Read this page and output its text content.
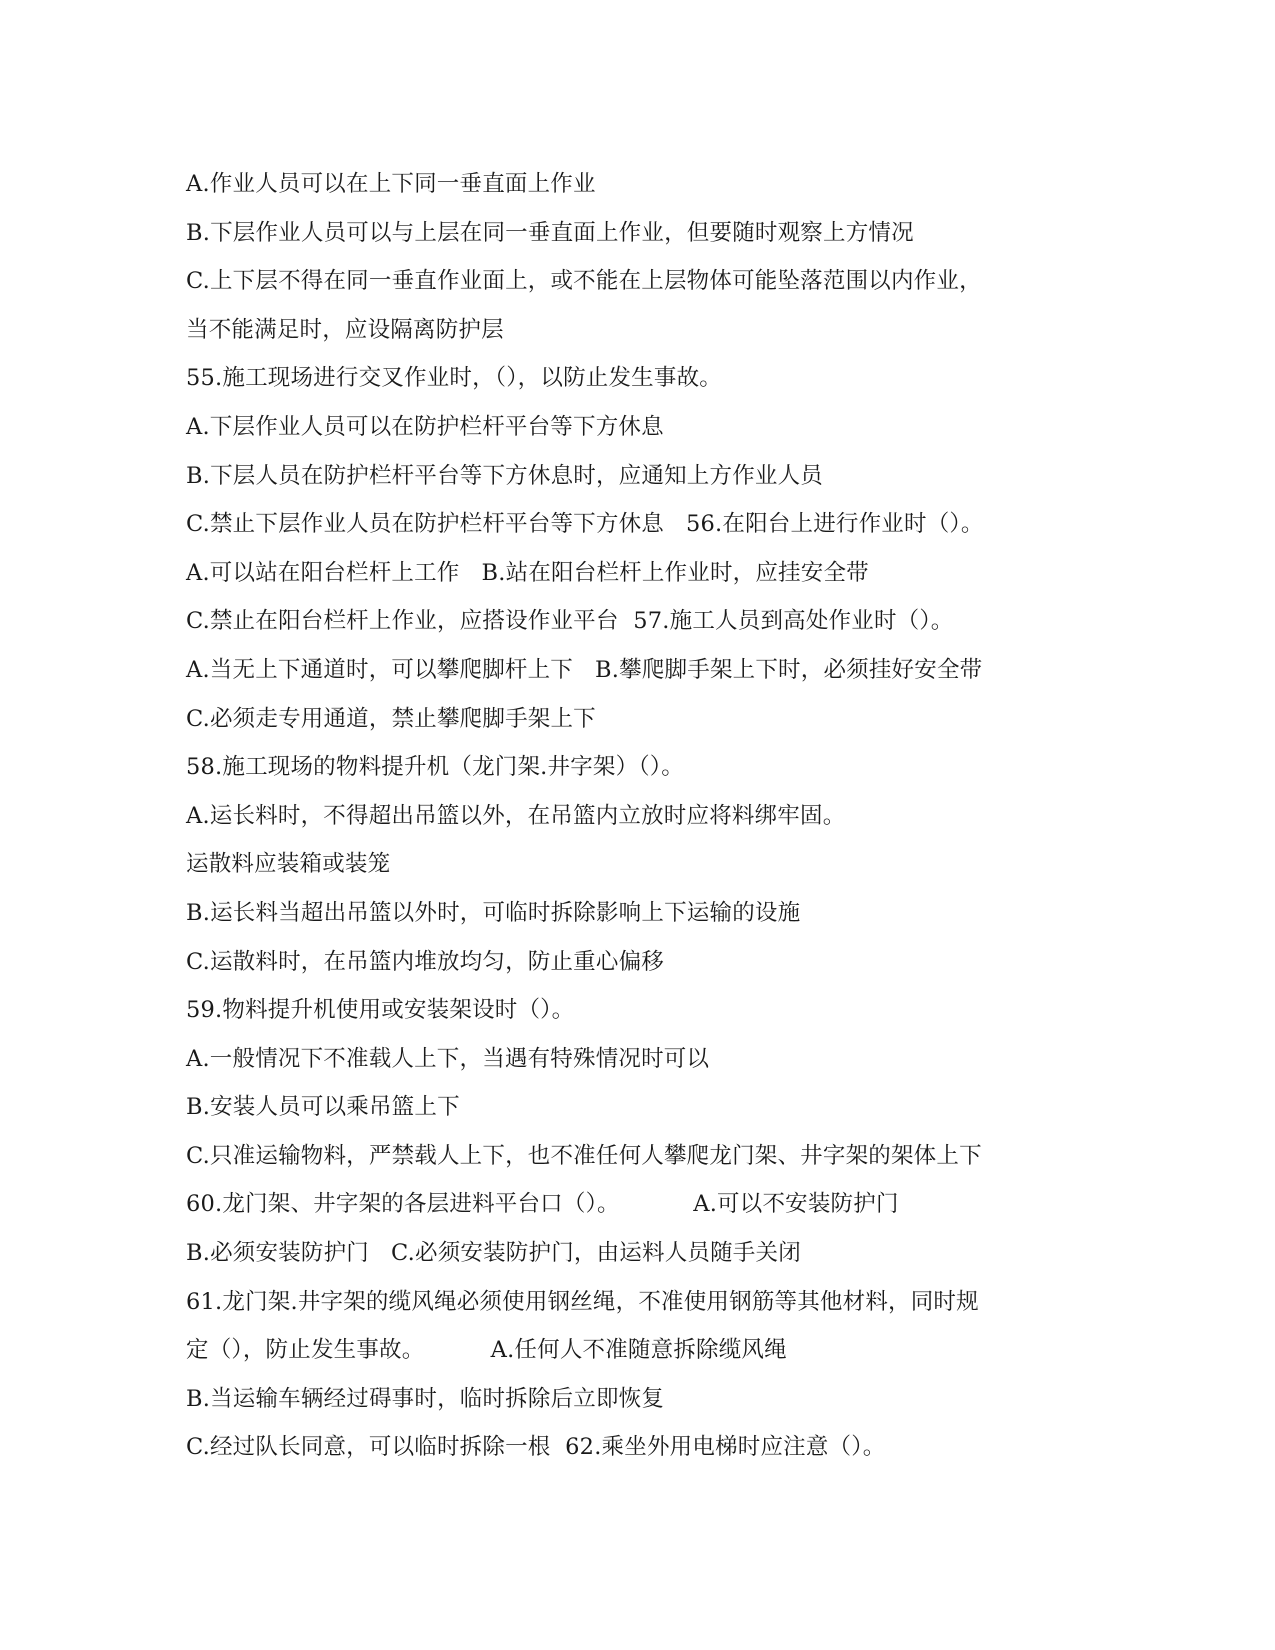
A.作业人员可以在上下同一垂直面上作业
B.下层作业人员可以与上层在同一垂直面上作业，但要随时观察上方情况
C.上下层不得在同一垂直作业面上，或不能在上层物体可能坠落范围以内作业，
当不能满足时，应设隔离防护层
55.施工现场进行交叉作业时，（），以防止发生事故。
A.下层作业人员可以在防护栏杆平台等下方休息
B.下层人员在防护栏杆平台等下方休息时，应通知上方作业人员
C.禁止下层作业人员在防护栏杆平台等下方休息   56.在阳台上进行作业时（）。
A.可以站在阳台栏杆上工作   B.站在阳台栏杆上作业时，应挂安全带
C.禁止在阳台栏杆上作业，应搭设作业平台  57.施工人员到高处作业时（）。
A.当无上下通道时，可以攀爬脚杆上下   B.攀爬脚手架上下时，必须挂好安全带
C.必须走专用通道，禁止攀爬脚手架上下
58.施工现场的物料提升机（龙门架.井字架）（）。
A.运长料时，不得超出吊篮以外，在吊篮内立放时应将料绑牢固。
运散料应装箱或装笼
B.运长料当超出吊篮以外时，可临时拆除影响上下运输的设施
C.运散料时，在吊篮内堆放均匀，防止重心偏移
59.物料提升机使用或安装架设时（）。
A.一般情况下不准载人上下，当遇有特殊情况时可以
B.安装人员可以乘吊篮上下
C.只准运输物料，严禁载人上下，也不准任何人攀爬龙门架、井字架的架体上下
60.龙门架、井字架的各层进料平台口（）。          A.可以不安装防护门
B.必须安装防护门   C.必须安装防护门，由运料人员随手关闭
61.龙门架.井字架的缆风绳必须使用钢丝绳，不准使用钢筋等其他材料，同时规
定（），防止发生事故。         A.任何人不准随意拆除缆风绳
B.当运输车辆经过碍事时，临时拆除后立即恢复
C.经过队长同意，可以临时拆除一根  62.乘坐外用电梯时应注意（）。
